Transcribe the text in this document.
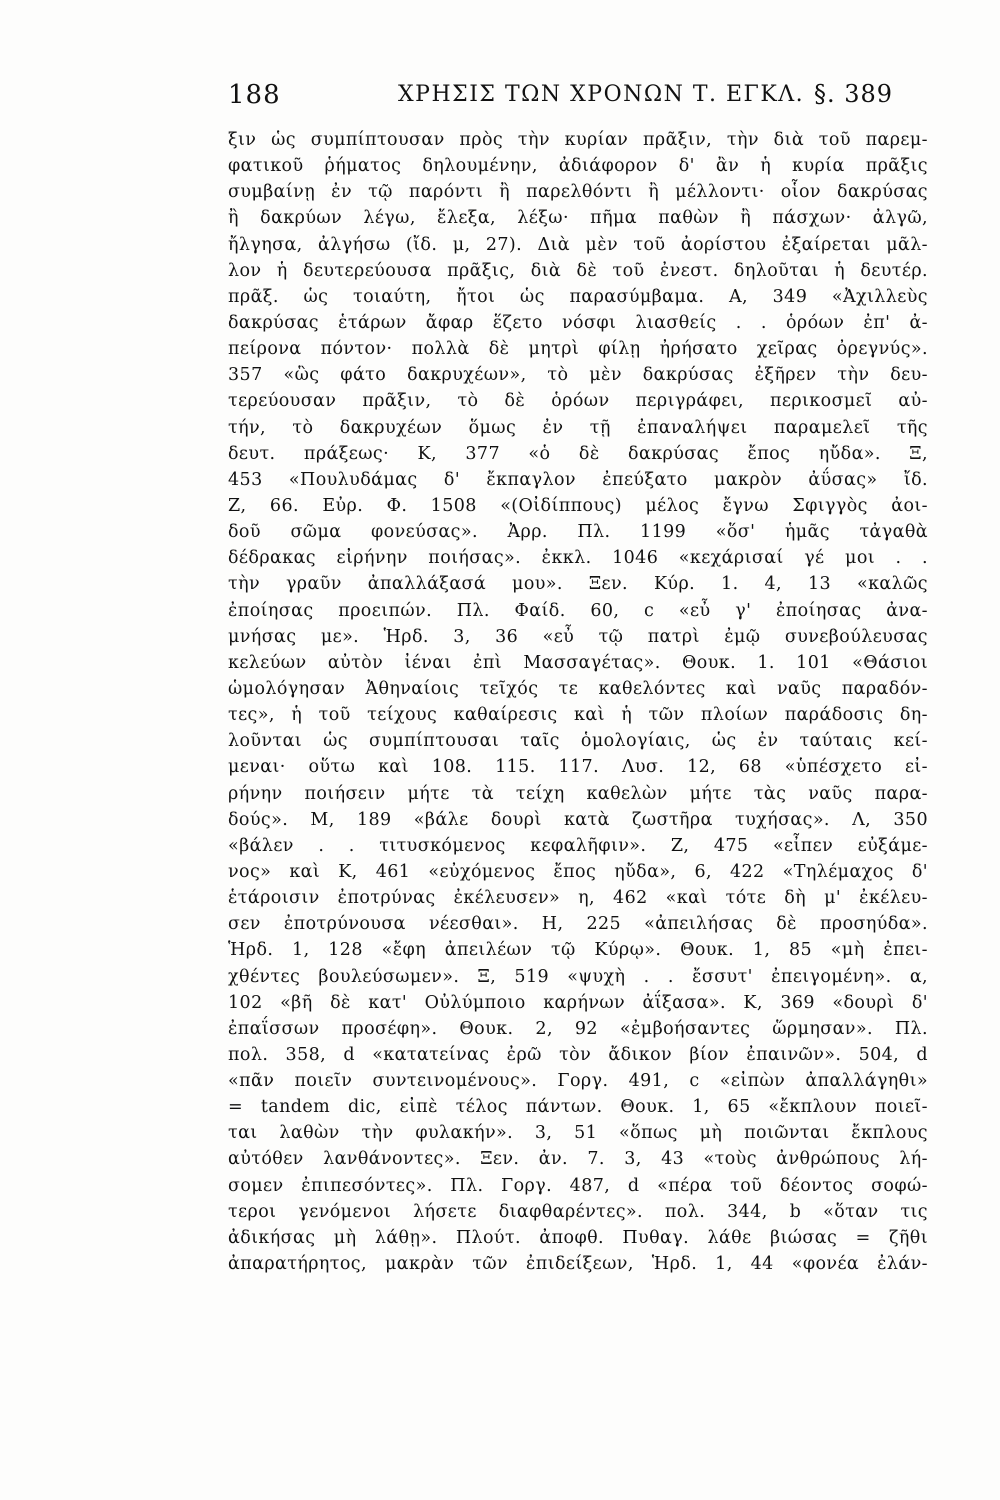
188	ΧΡΗΣΙΣ ΤΩΝ ΧΡΟΝΩΝ Τ. ΕΓΚΛ. §. 389
ξιν ὡς συμπίπτουσαν πρὸς τὴν κυρίαν πρᾶξιν, τὴν διὰ τοῦ παρεμ-
φατικοῦ ῥήματος δηλουμένην, ἀδιάφορον δ' ἂν ἡ κυρία πρᾶξις
συμβαίνῃ ἐν τῷ παρόντι ἢ παρελθόντι ἢ μέλλοντι· οἷον δακρύσας
ἢ δακρύων λέγω, ἔλεξα, λέξω· πῆμα παθὼν ἢ πάσχων· ἀλγῶ,
ἤλγησα, ἀλγήσω (ἴδ. μ, 27). Διὰ μὲν τοῦ ἀορίστου ἐξαίρεται μᾶλ-
λον ἡ δευτερεύουσα πρᾶξις, διὰ δὲ τοῦ ἐνεστ. δηλοῦται ἡ δευτέρ.
πρᾶξ. ὡς τοιαύτη, ἤτοι ὡς παρασύμβαμα. Α, 349 «Ἀχιλλεὺς
δακρύσας ἑτάρων ἄφαρ ἕζετο νόσφι λιασθείς . . ὁρόων ἐπ' ἀ-
πείρονα πόντον· πολλὰ δὲ μητρὶ φίλῃ ἠρήσατο χεῖρας ὀρεγνύς».
357 «ὣς φάτο δακρυχέων», τὸ μὲν δακρύσας ἐξῆρεν τὴν δευ-
τερεύουσαν πρᾶξιν, τὸ δὲ ὁρόων περιγράφει, περικοσμεῖ αὐ-
τήν, τὸ δακρυχέων ὅμως ἐν τῇ ἐπαναλήψει παραμελεῖ τῆς
δευτ. πράξεως· Κ, 377 «ὁ δὲ δακρύσας ἔπος ηὔδα». Ξ,
453 «Πουλυδάμας δ' ἔκπαγλον ἐπεύξατο μακρὸν ἀΰσας» ἴδ.
Ζ, 66. Εὐρ. Φ. 1508 «(Οἰδίππους) μέλος ἔγνω Σφιγγὸς ἀοι-
δοῦ σῶμα φονεύσας». Ἀρρ. Πλ. 1199 «ὅσ' ἡμᾶς τἀγαθὰ
δέδρακας εἰρήνην ποιήσας». ἐκκλ. 1046 «κεχάρισαί γέ μοι . .
τὴν γραῦν ἀπαλλάξασά μου». Ξεν. Κύρ. 1. 4, 13 «καλῶς
ἐποίησας προειπών. Πλ. Φαίδ. 60, c «εὖ γ' ἐποίησας ἀνα-
μνήσας με». Ἡρδ. 3, 36 «εὖ τῷ πατρὶ ἐμῷ συνεβούλευσας
κελεύων αὐτὸν ἰέναι ἐπὶ Μασσαγέτας». Θουκ. 1. 101 «Θάσιοι
ὡμολόγησαν Ἀθηναίοις τεῖχός τε καθελόντες καὶ ναῦς παραδόν-
τες», ἡ τοῦ τείχους καθαίρεσις καὶ ἡ τῶν πλοίων παράδοσις δη-
λοῦνται ὡς συμπίπτουσαι ταῖς ὁμολογίαις, ὡς ἐν ταύταις κεί-
μεναι· οὕτω καὶ 108. 115. 117. Λυσ. 12, 68 «ὑπέσχετο εἰ-
ρήνην ποιήσειν μήτε τὰ τείχη καθελὼν μήτε τὰς ναῦς παρα-
δούς». Μ, 189 «βάλε δουρὶ κατὰ ζωστῆρα τυχήσας». Λ, 350
«βάλεν . . τιτυσκόμενος κεφαλῆφιν». Ζ, 475 «εἶπεν εὐξάμε-
νος» καὶ Κ, 461 «εὐχόμενος ἔπος ηὔδα», 6, 422 «Τηλέμαχος δ'
ἑτάροισιν ἐποτρύνας ἐκέλευσεν» η, 462 «καὶ τότε δὴ μ' ἐκέλευ-
σεν ἐποτρύνουσα νέεσθαι». Η, 225 «ἀπειλήσας δὲ προσηύδα».
Ἡρδ. 1, 128 «ἔφη ἀπειλέων τῷ Κύρῳ». Θουκ. 1, 85 «μὴ ἐπει-
χθέντες βουλεύσωμεν». Ξ, 519 «ψυχὴ . . ἔσσυτ' ἐπειγομένη». α,
102 «βῆ δὲ κατ' Οὐλύμποιο καρήνων ἀΐξασα». Κ, 369 «δουρὶ δ'
ἐπαΐσσων προσέφη». Θουκ. 2, 92 «ἐμβοήσαντες ὥρμησαν». Πλ.
πολ. 358, d «κατατείνας ἐρῶ τὸν ἄδικον βίον ἐπαινῶν». 504, d
«πᾶν ποιεῖν συντεινομένους». Γοργ. 491, c «εἰπὼν ἀπαλλάγηθι»
= tandem dic, εἰπὲ τέλος πάντων. Θουκ. 1, 65 «ἔκπλουν ποιεῖ-
ται λαθὼν τὴν φυλακήν». 3, 51 «ὅπως μὴ ποιῶνται ἔκπλους
αὐτόθεν λανθάνοντες». Ξεν. ἀν. 7. 3, 43 «τοὺς ἀνθρώπους λή-
σομεν ἐπιπεσόντες». Πλ. Γοργ. 487, d «πέρα τοῦ δέοντος σοφώ-
τεροι γενόμενοι λήσετε διαφθαρέντες». πολ. 344, b «ὅταν τις
ἀδικήσας μὴ λάθῃ». Πλούτ. ἀποφθ. Πυθαγ. λάθε βιώσας = ζῆθι
ἀπαρατήρητος, μακρὰν τῶν ἐπιδείξεων, Ἡρδ. 1, 44 «φονέα ἐλάν-
